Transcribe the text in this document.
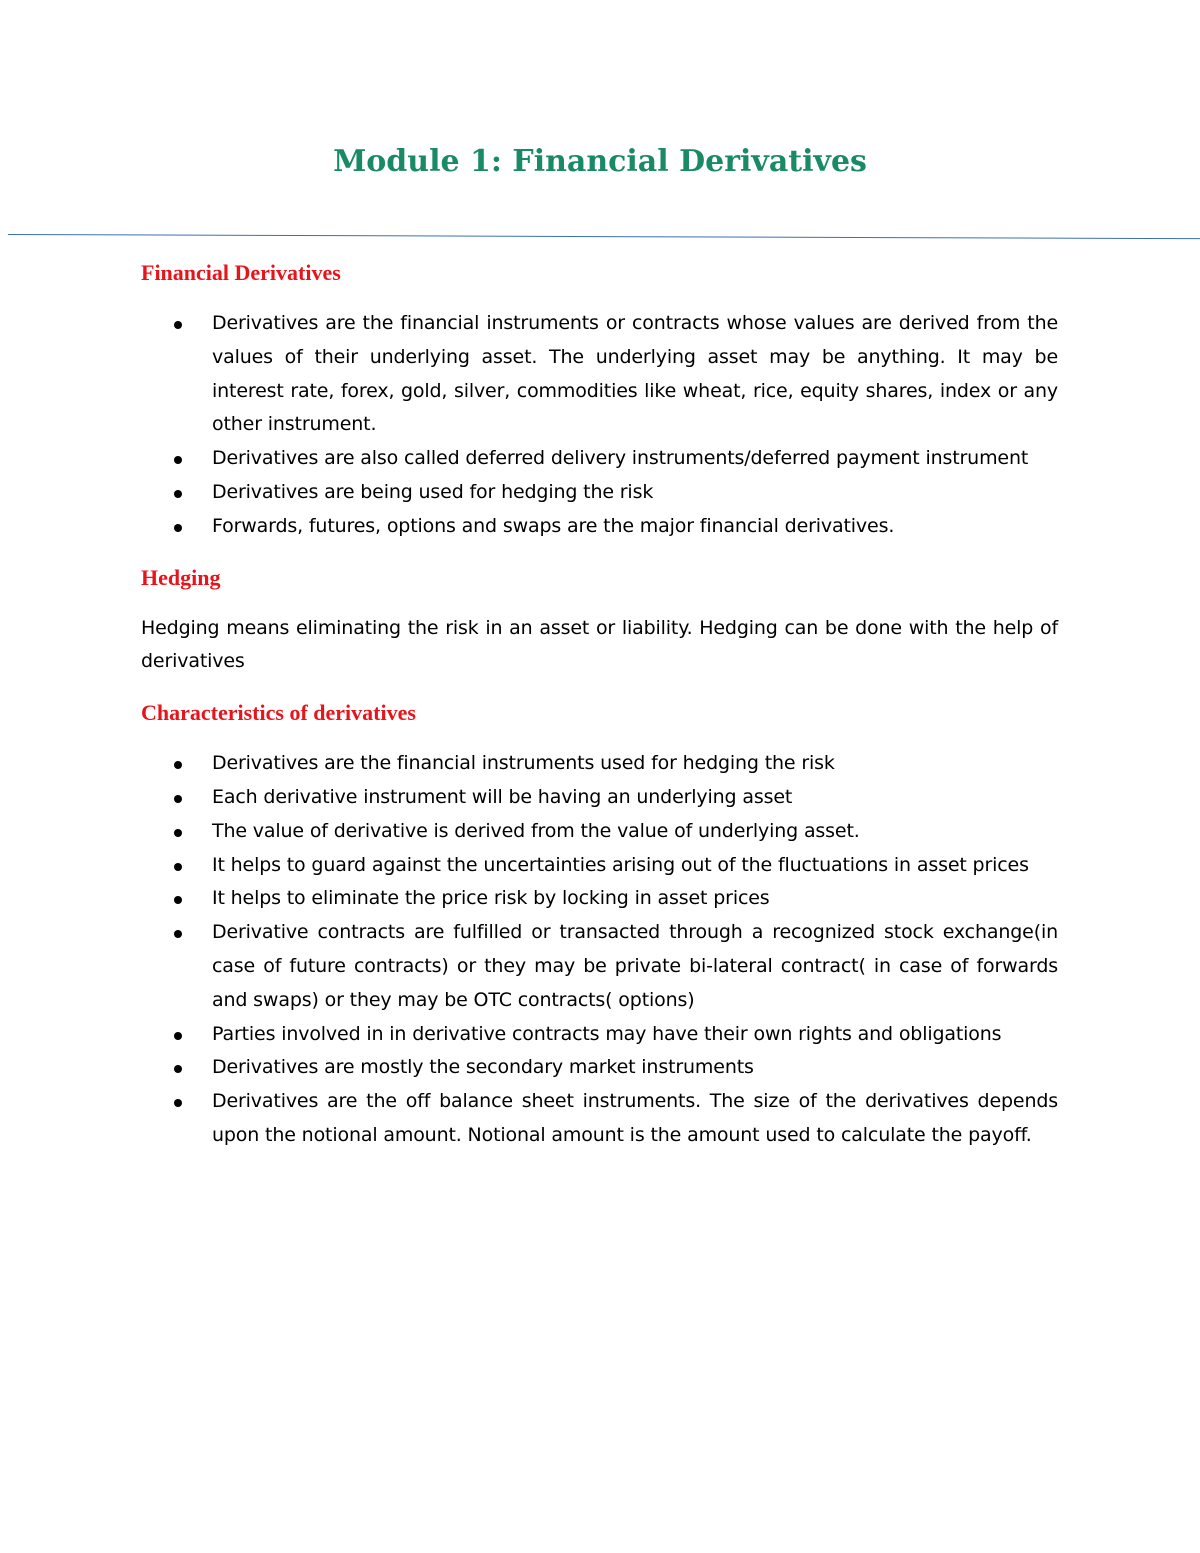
Module 1: Financial Derivatives
Financial Derivatives
Derivatives are the financial instruments or contracts whose values are derived from the values of their underlying asset. The underlying asset may be anything. It may be interest rate, forex, gold, silver, commodities like wheat, rice, equity shares, index or any other instrument.
Derivatives are also called deferred delivery instruments/deferred payment instrument
Derivatives are being used for hedging the risk
Forwards, futures, options and swaps are the major financial derivatives.
Hedging

Hedging means eliminating the risk in an asset or liability. Hedging can be done with the help of derivatives

Characteristics of derivatives
Derivatives are the financial instruments used for hedging the risk
Each derivative instrument will be having an underlying asset
The value of derivative is derived from the value of underlying asset.
It helps to guard against the uncertainties arising out of the fluctuations in asset prices
It helps to eliminate the price risk by locking in asset prices
Derivative contracts are fulfilled or transacted through a recognized stock exchange(in case of future contracts) or they may be private bi-lateral contract( in case of forwards and swaps) or they may be OTC contracts( options)
Parties involved in in derivative contracts may have their own rights and obligations
Derivatives are mostly the secondary market instruments
Derivatives are the off balance sheet instruments. The size of the derivatives depends upon the notional amount. Notional amount is the amount used to calculate the payoff.
